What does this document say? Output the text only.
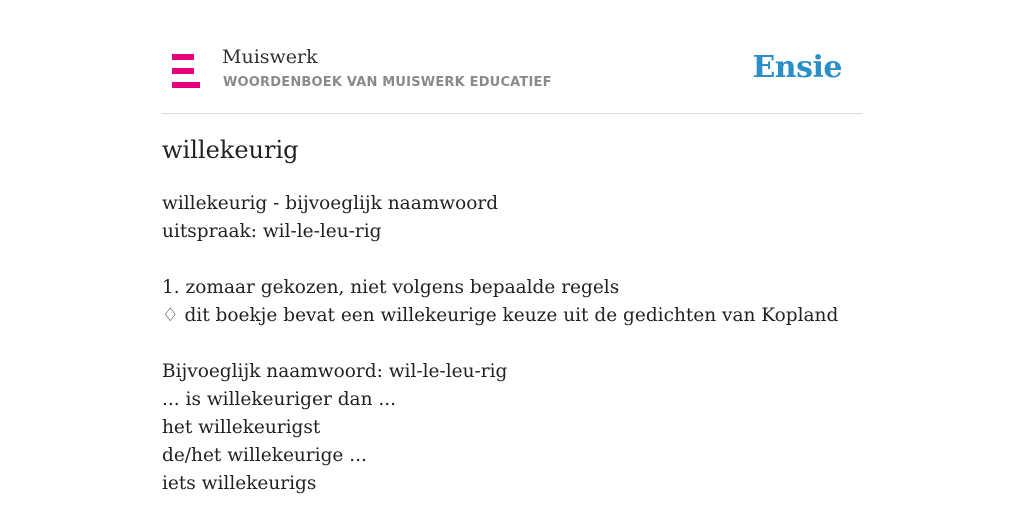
Muiswerk
WOORDENBOEK VAN MUISWERK EDUCATIEF	Ensie
willekeurig
willekeurig - bijvoeglijk naamwoord
uitspraak: wil-le-leu-rig
1. zomaar gekozen, niet volgens bepaalde regels
♢ dit boekje bevat een willekeurige keuze uit de gedichten van Kopland
Bijvoeglijk naamwoord: wil-le-leu-rig
... is willekeuriger dan ...
het willekeurigst
de/het willekeurige ...
iets willekeurigs
